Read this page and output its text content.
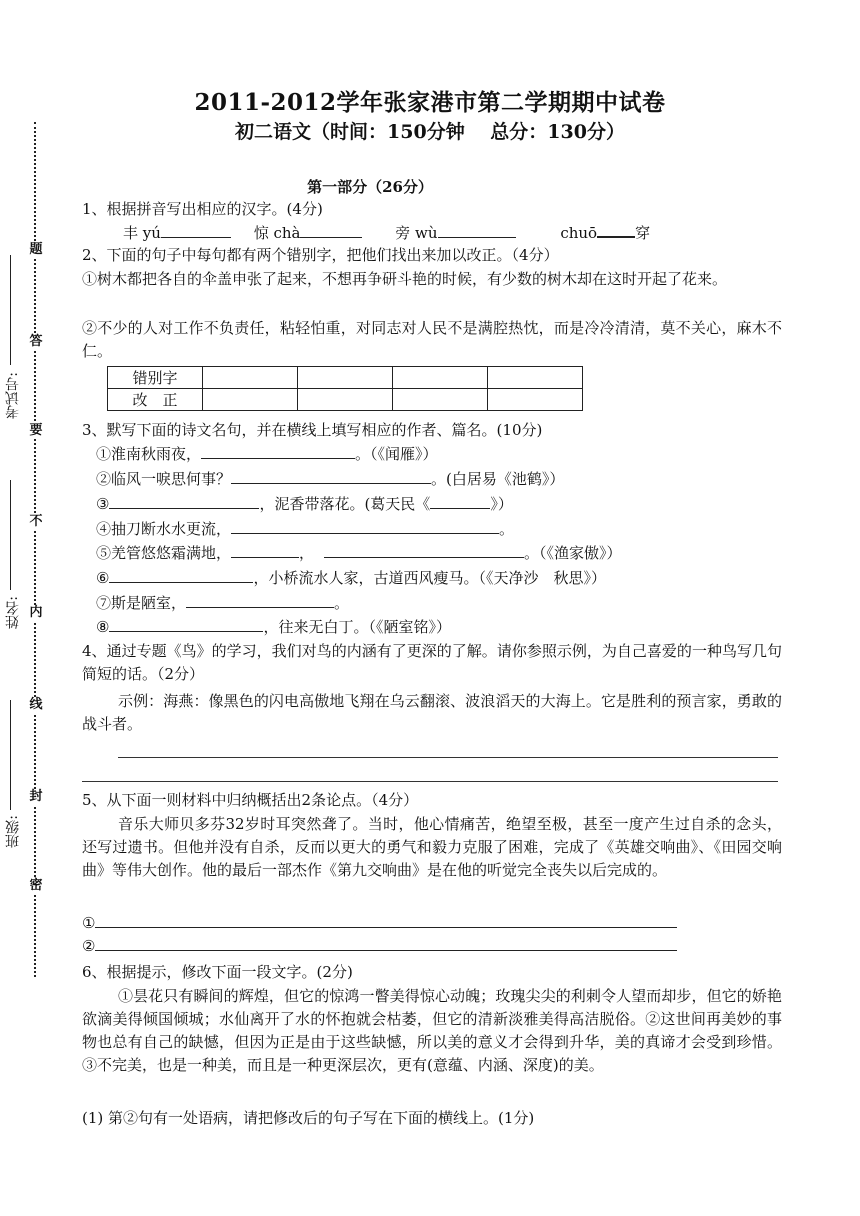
题
答
要
不
内
线
封
密
考试号:
姓名:
班级:
2011-2012学年张家港市第二学期期中试卷
初二语文（时间：150分钟　 总分：130分）
第一部分（26分）
1、根据拼音写出相应的汉字。(4分)
丰 yú	惊 chà	旁 wù	chuō	穿
2、下面的句子中每句都有两个错别字，把他们找出来加以改正。（4分）
①树木都把各自的伞盖申张了起来，不想再争研斗艳的时候，有少数的树木却在这时开起了花来。
②不少的人对工作不负责任，粘轻怕重，对同志对人民不是满腔热忱，而是冷冷清清，莫不关心，麻木不仁。
错别字				
改　正				
3、默写下面的诗文名句，并在横线上填写相应的作者、篇名。(10分)
①淮南秋雨夜，	。（《闻雁》）
②临风一唳思何事？	。(白居易《池鹤》）
③	，泥香带落花。(葛天民《	》）
④抽刀断水水更流，	。
⑤羌管悠悠霜满地，	，	。（《渔家傲》）
⑥	，小桥流水人家，古道西风瘦马。（《天净沙　秋思》）
⑦斯是陋室，	。
⑧	，往来无白丁。（《陋室铭》）
4、通过专题《鸟》的学习，我们对鸟的内涵有了更深的了解。请你参照示例，为自己喜爱的一种鸟写几句简短的话。（2分）
示例：海燕：像黑色的闪电高傲地飞翔在乌云翻滚、波浪滔天的大海上。它是胜利的预言家，勇敢的战斗者。
5、从下面一则材料中归纳概括出2条论点。（4分）
音乐大师贝多芬32岁时耳突然聋了。当时，他心情痛苦，绝望至极，甚至一度产生过自杀的念头，还写过遗书。但他并没有自杀，反而以更大的勇气和毅力克服了困难，完成了《英雄交响曲》、《田园交响曲》等伟大创作。他的最后一部杰作《第九交响曲》是在他的听觉完全丧失以后完成的。
①
②
6、根据提示，修改下面一段文字。(2分)
①昙花只有瞬间的辉煌，但它的惊鸿一瞥美得惊心动魄；玫瑰尖尖的利刺令人望而却步，但它的娇艳欲滴美得倾国倾城；水仙离开了水的怀抱就会枯萎，但它的清新淡雅美得高洁脱俗。②这世间再美妙的事物也总有自己的缺憾，但因为正是由于这些缺憾，所以美的意义才会得到升华，美的真谛才会受到珍惜。③不完美，也是一种美，而且是一种更深层次，更有(意蕴、内涵、深度)的美。
(1) 第②句有一处语病，请把修改后的句子写在下面的横线上。(1分)
